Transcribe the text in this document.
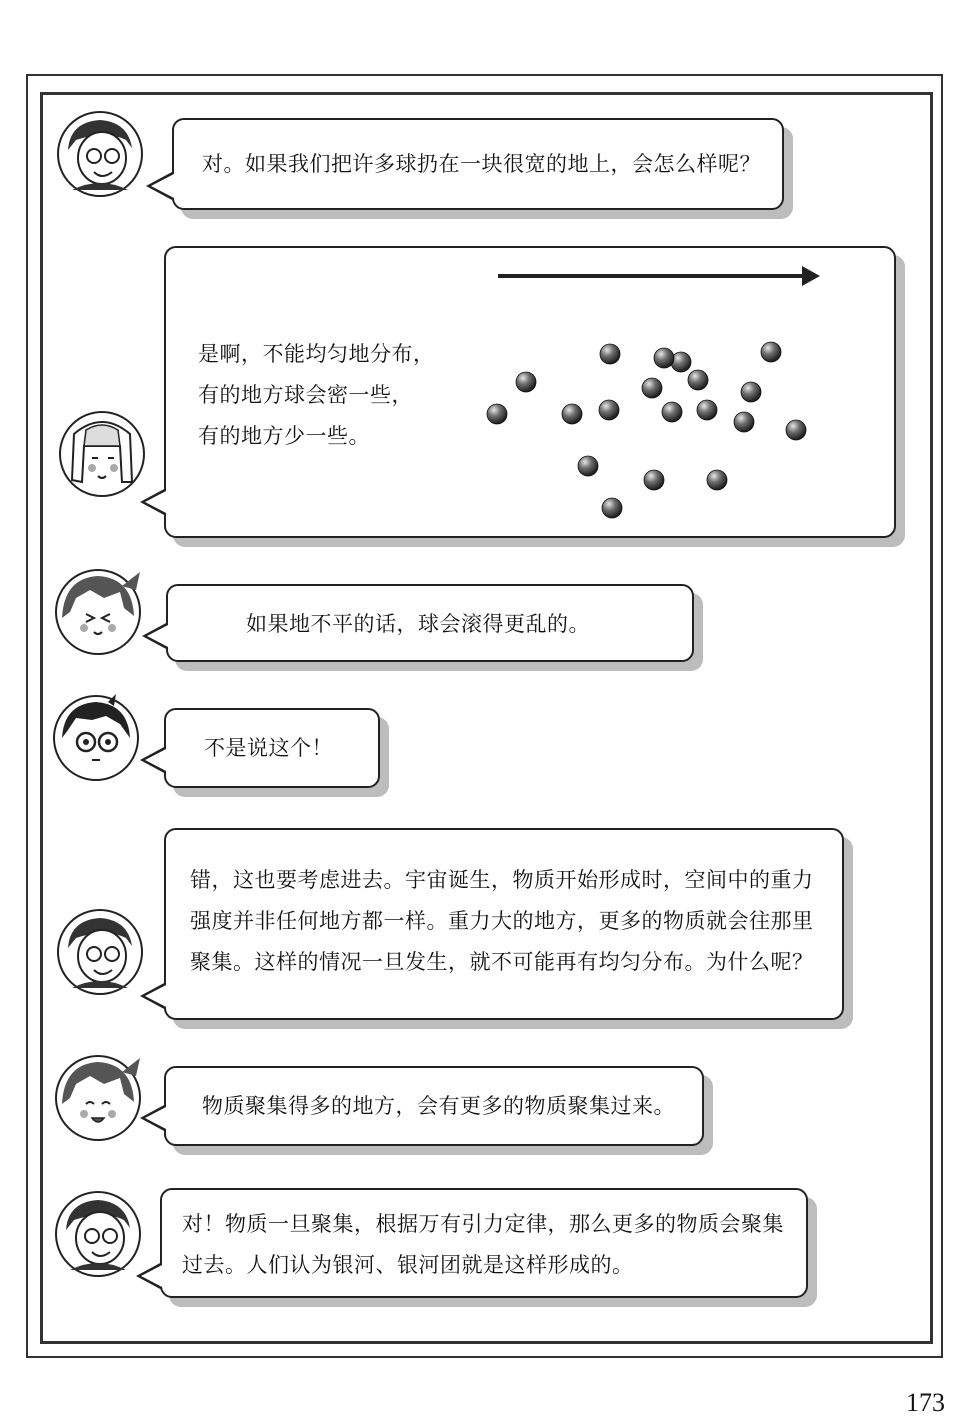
对。如果我们把许多球扔在一块很宽的地上，会怎么样呢？
是啊，不能均匀地分布，
有的地方球会密一些，
有的地方少一些。
如果地不平的话，球会滚得更乱的。
不是说这个！
错，这也要考虑进去。宇宙诞生，物质开始形成时，空间中的重力
强度并非任何地方都一样。重力大的地方，更多的物质就会往那里
聚集。这样的情况一旦发生，就不可能再有均匀分布。为什么呢？
物质聚集得多的地方，会有更多的物质聚集过来。
对！物质一旦聚集，根据万有引力定律，那么更多的物质会聚集
过去。人们认为银河、银河团就是这样形成的。
173
